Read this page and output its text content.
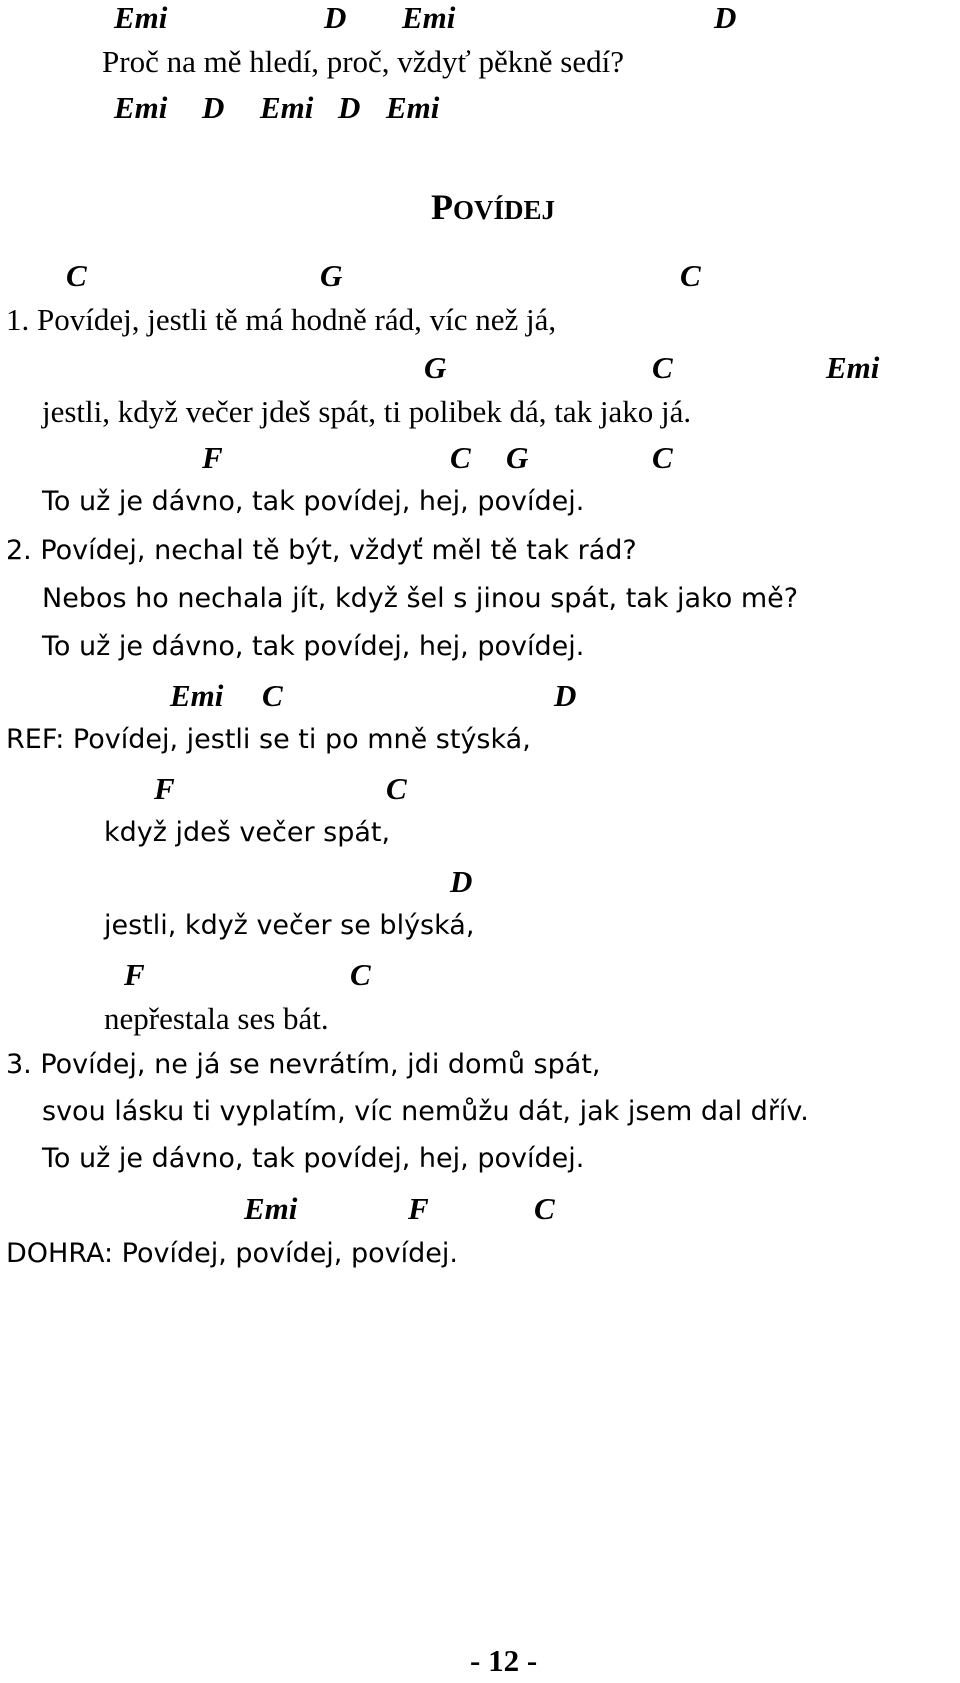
Emi	D Emi	D
Proč na mě hledí, proč, vždyť pěkně sedí?
Emi D Emi D Emi
POVÍDEJ
C	G	C
1. Povídej, jestli tě má hodně rád, víc než já,
G	C	Emi
jestli, když večer jdeš spát, ti polibek dá, tak jako já.
F	C G	C
To už je dávno, tak povídej, hej, povídej.
2. Povídej, nechal tě být, vždyť měl tě tak rád?
Nebos ho nechala jít, když šel s jinou spát, tak jako mě?
To už je dávno, tak povídej, hej, povídej.
Emi C	D
REF: Povídej, jestli se ti po mně stýská,
F	C
když jdeš večer spát,
D
jestli, když večer se blýská,
F	C
nepřestala ses bát.
3. Povídej, ne já se nevrátím, jdi domů spát,
svou lásku ti vyplatím, víc nemůžu dát, jak jsem dal dřív.
To už je dávno, tak povídej, hej, povídej.
Emi	F	C
DOHRA: Povídej, povídej, povídej.
- 12 -
